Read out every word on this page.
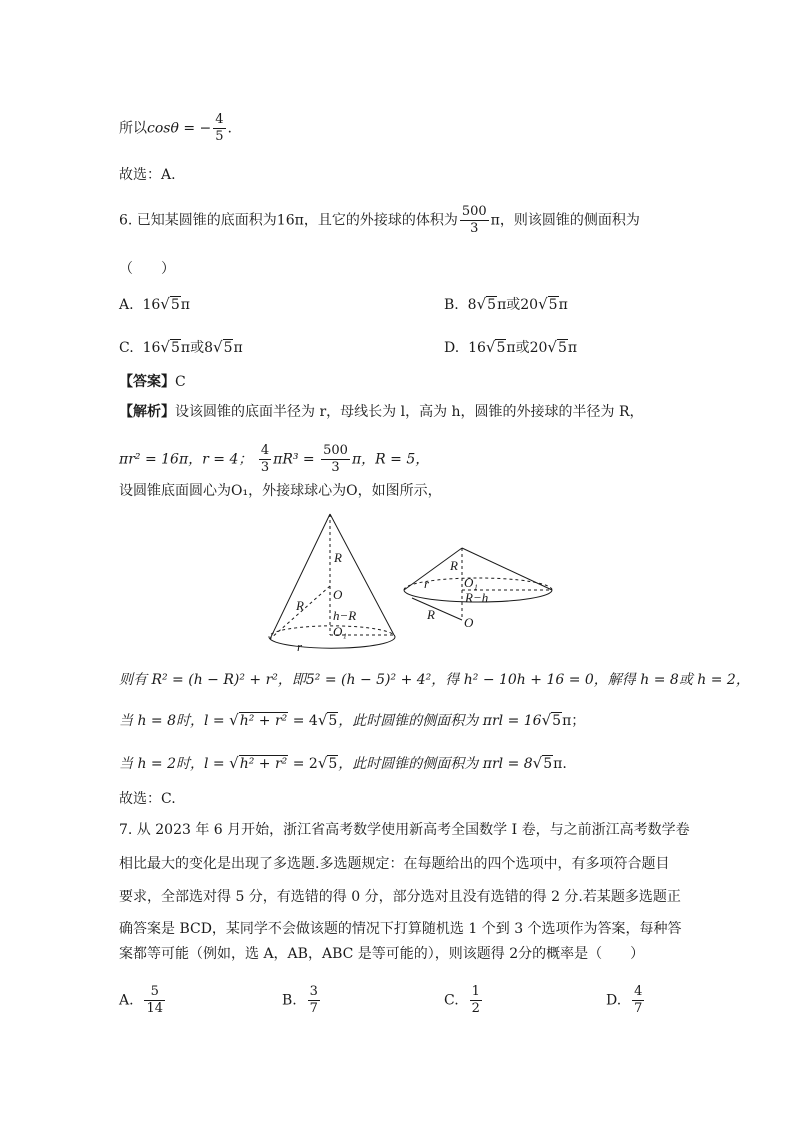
所以cosθ = − $\frac{4}{5}$ .
故选：A.
6. 已知某圆锥的底面积为16π，且它的外接球的体积为 $\frac{500}{3}$ π，则该圆锥的侧面积为
（　　）
A. 16√5π	B. 8√5π或20√5π
C. 16√5π或8√5π	D. 16√5π或20√5π
【答案】C
【解析】设该圆锥的底面半径为 r，母线长为 l，高为 h，圆锥的外接球的半径为 R，
πr² = 16π，r = 4； $\frac{4}{3} \pi R^3 = \frac{500}{3}$ π，R = 5，
设圆锥底面圆心为O₁，外接球球心为O，如图所示，
R
O
R
h−R
O₁
r
R
r	O₁
R−h
R
O
则有 R² = (h − R)² + r²，即5² = (h − 5)² + 4²，得 h² − 10h + 16 = 0，解得 h = 8或 h = 2，
当 h = 8时，l = √h² + r² = 4√5，此时圆锥的侧面积为 πrl = 16√5π；
当 h = 2时，l = √h² + r² = 2√5，此时圆锥的侧面积为 πrl = 8√5π.
故选：C.
7. 从 2023 年 6 月开始，浙江省高考数学使用新高考全国数学 I 卷，与之前浙江高考数学卷
相比最大的变化是出现了多选题.多选题规定：在每题给出的四个选项中，有多项符合题目
要求，全部选对得 5 分，有选错的得 0 分，部分选对且没有选错的得 2 分.若某题多选题正
确答案是 BCD，某同学不会做该题的情况下打算随机选 1 个到 3 个选项作为答案，每种答
案都等可能（例如，选 A，AB，ABC 是等可能的），则该题得 2分的概率是（　　）
A. $\frac{5}{14}$	B. $\frac{3}{7}$	C. $\frac{1}{2}$	D. $\frac{4}{7}$
